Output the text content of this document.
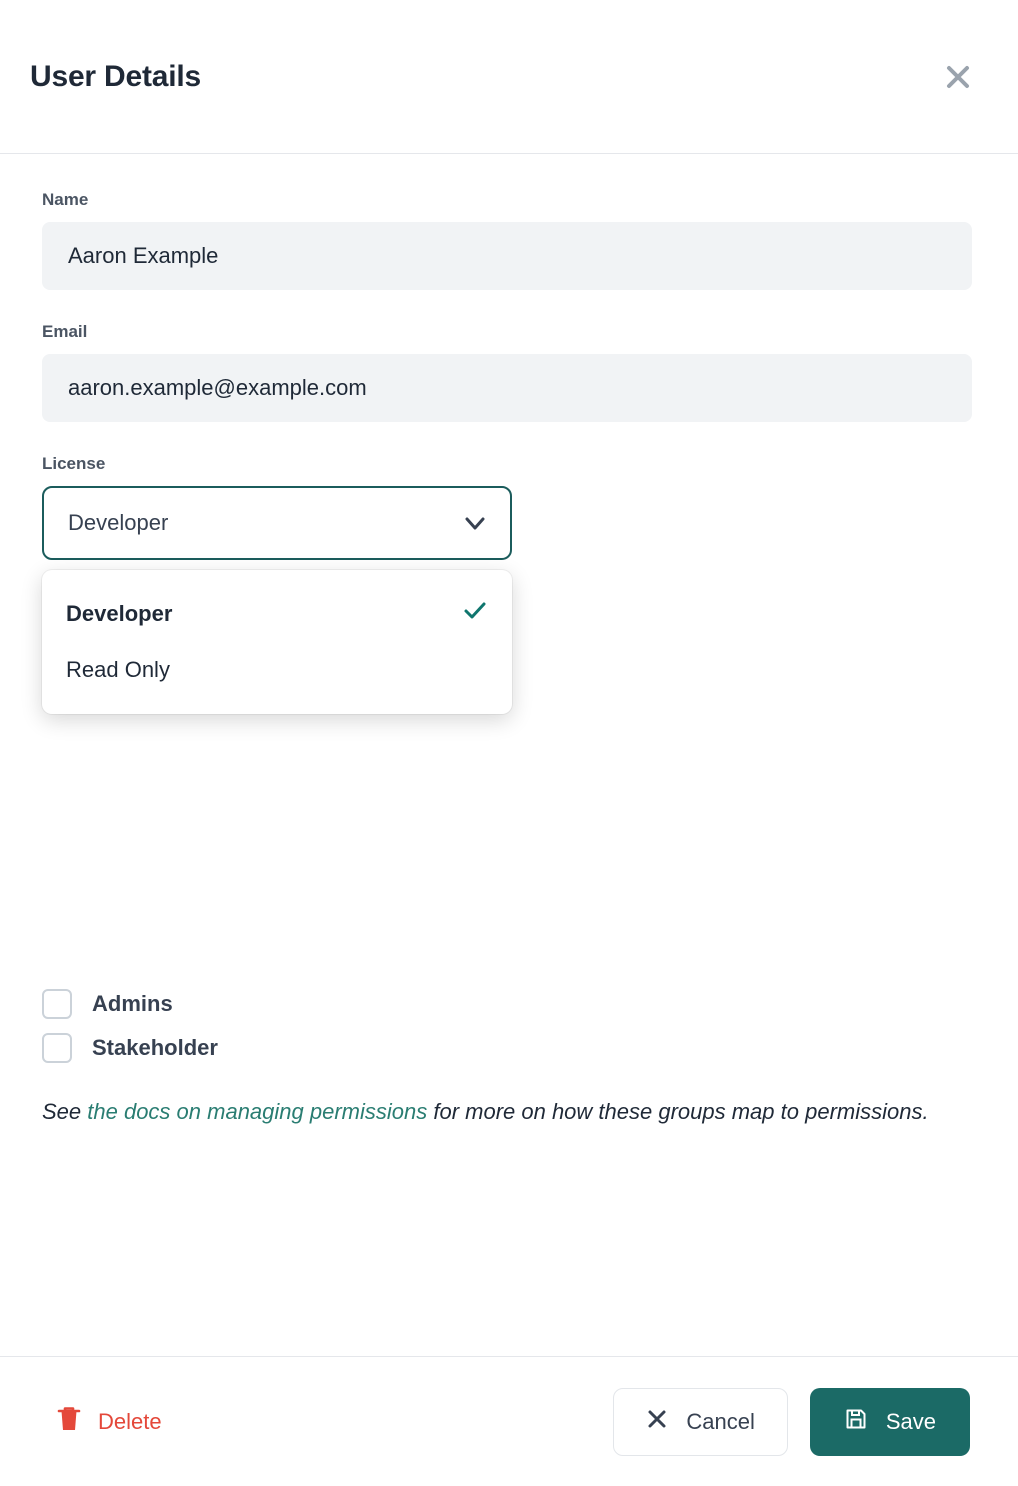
User Details
Name
Aaron Example
Email
aaron.example@example.com
License
Developer
Developer
Read Only
Admins
Stakeholder
See the docs on managing permissions for more on how these groups map to permissions.
Delete	Cancel	Save
